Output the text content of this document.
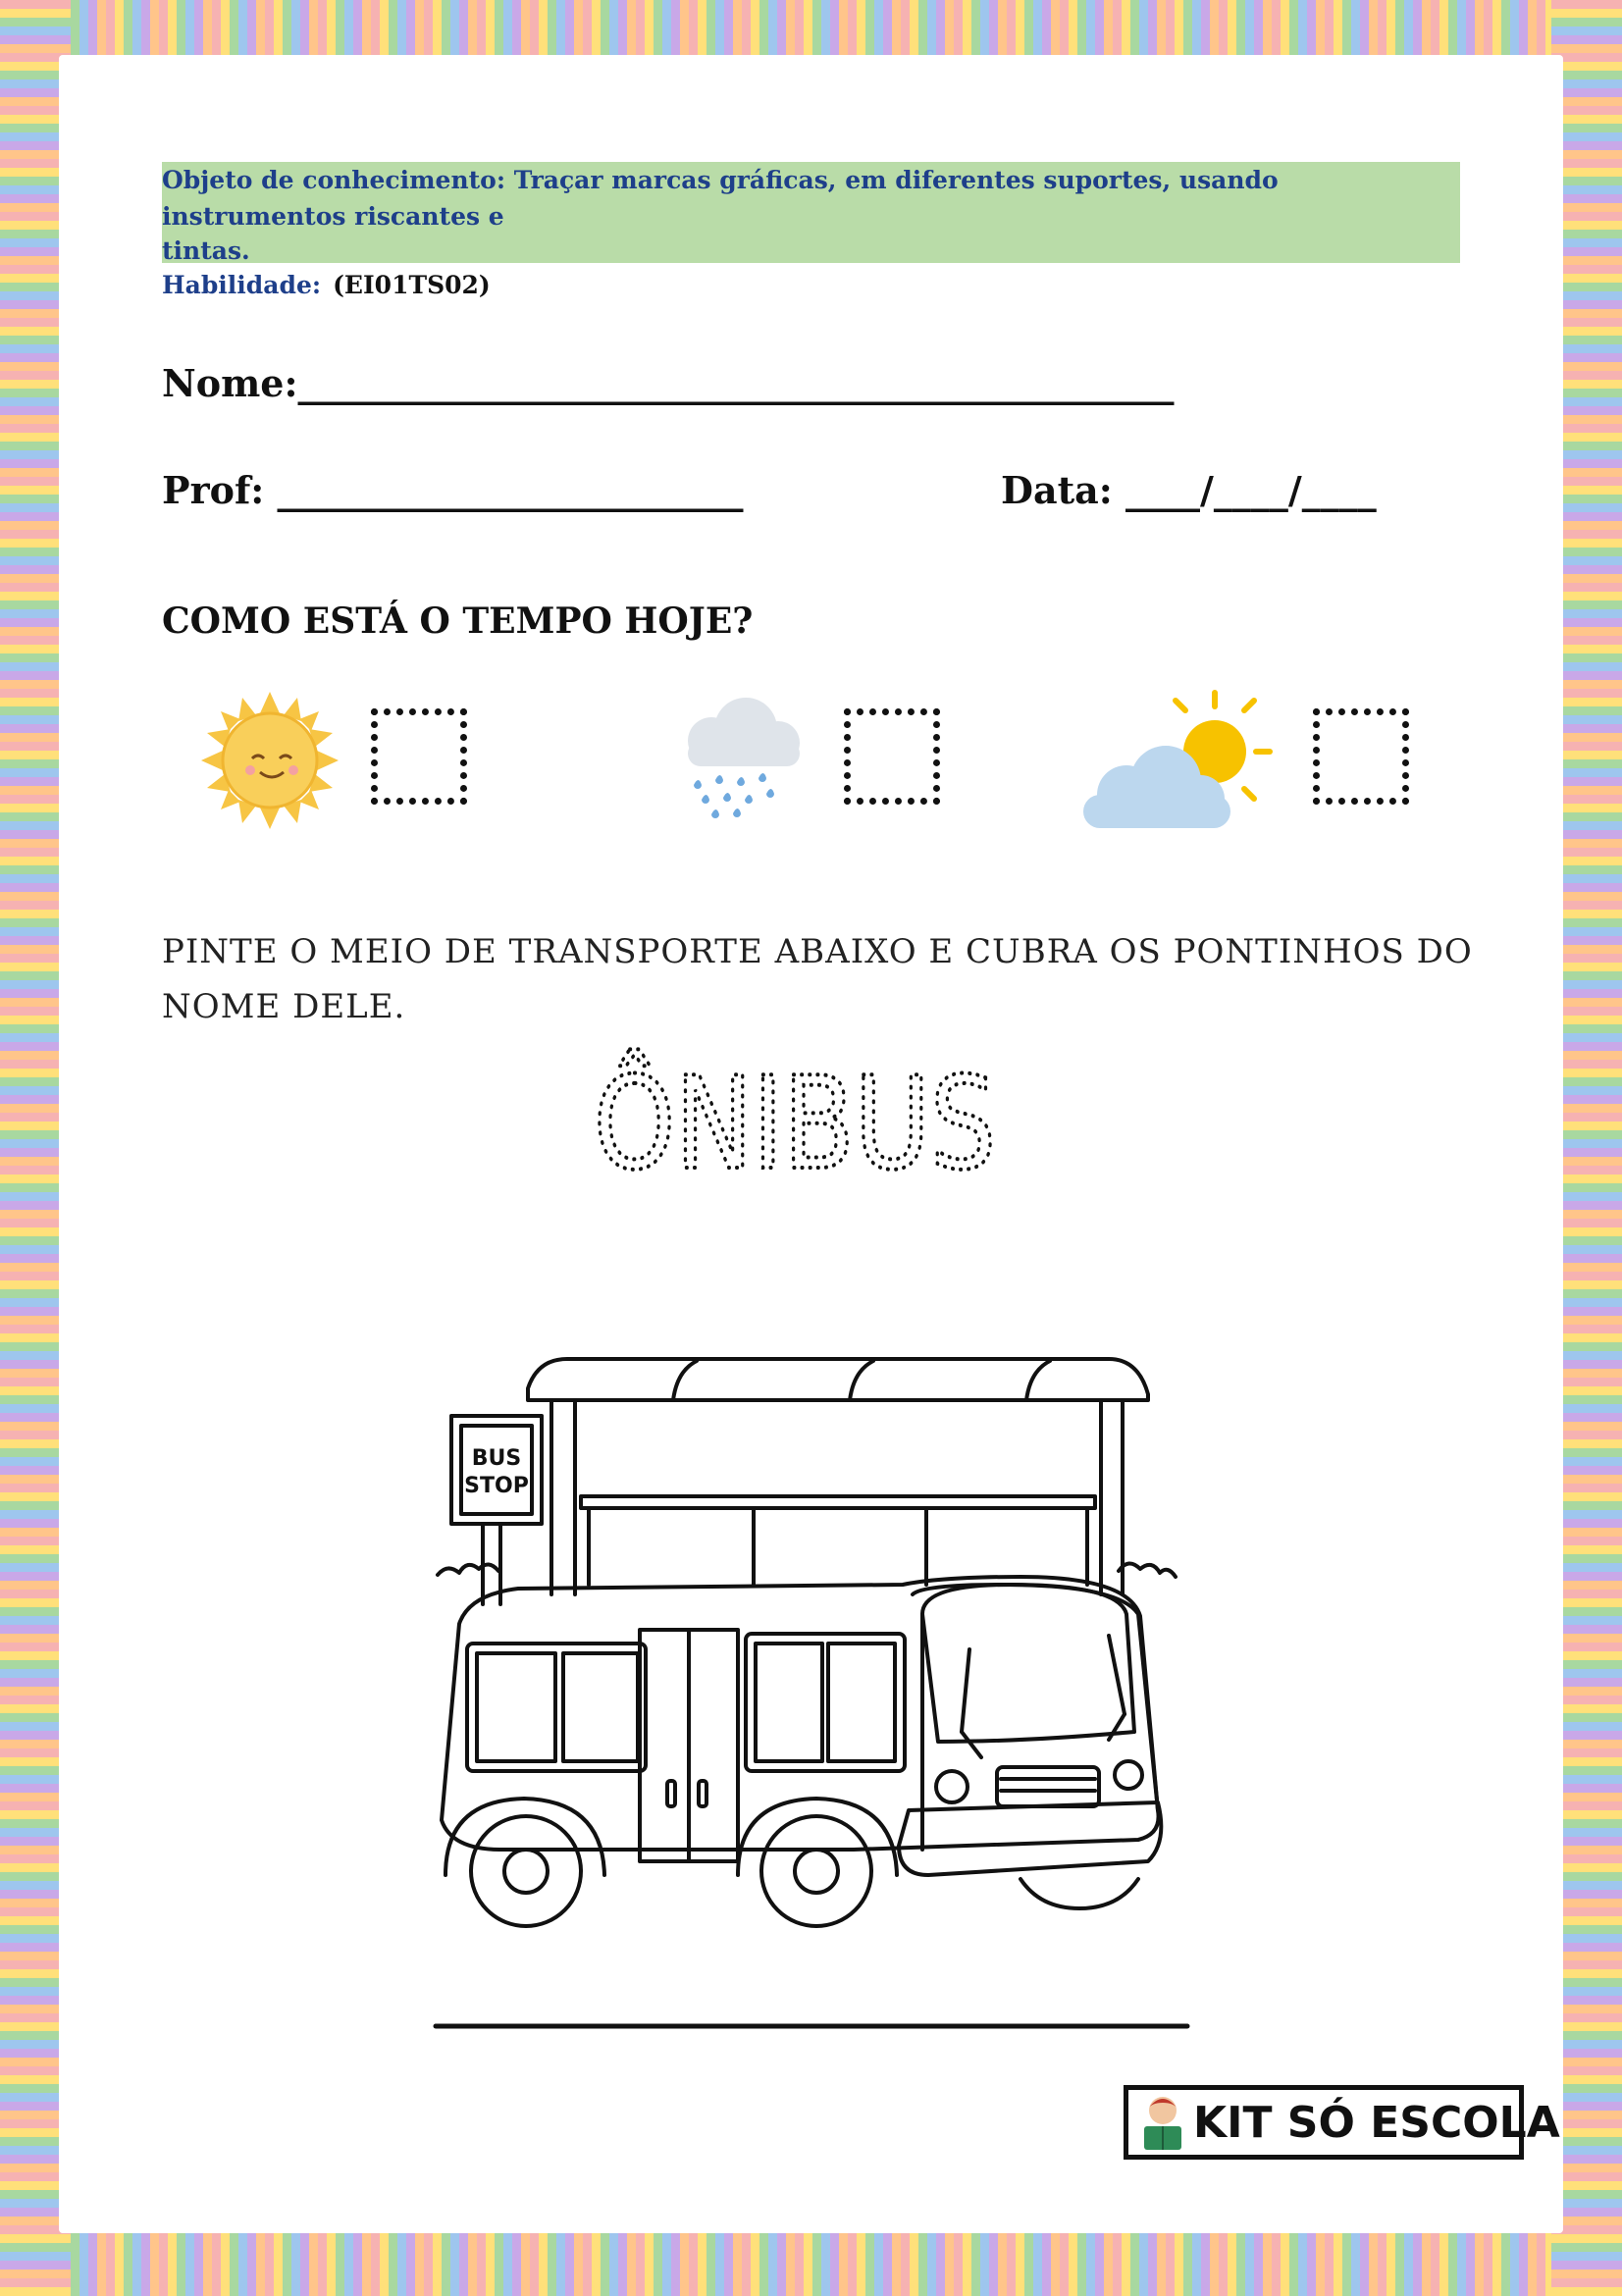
Objeto de conhecimento: Traçar marcas gráficas, em diferentes suportes, usando instrumentos riscantes e

tintas.

Habilidade: (EI01TS02)

Nome:_______________________________________________
Prof: _________________________	Data: ____/____/____
COMO ESTÁ O TEMPO HOJE?
PINTE O MEIO DE TRANSPORTE ABAIXO E CUBRA OS PONTINHOS DO NOME DELE.
ÔNIBUS
BUS
STOP
KIT SÓ ESCOLA
